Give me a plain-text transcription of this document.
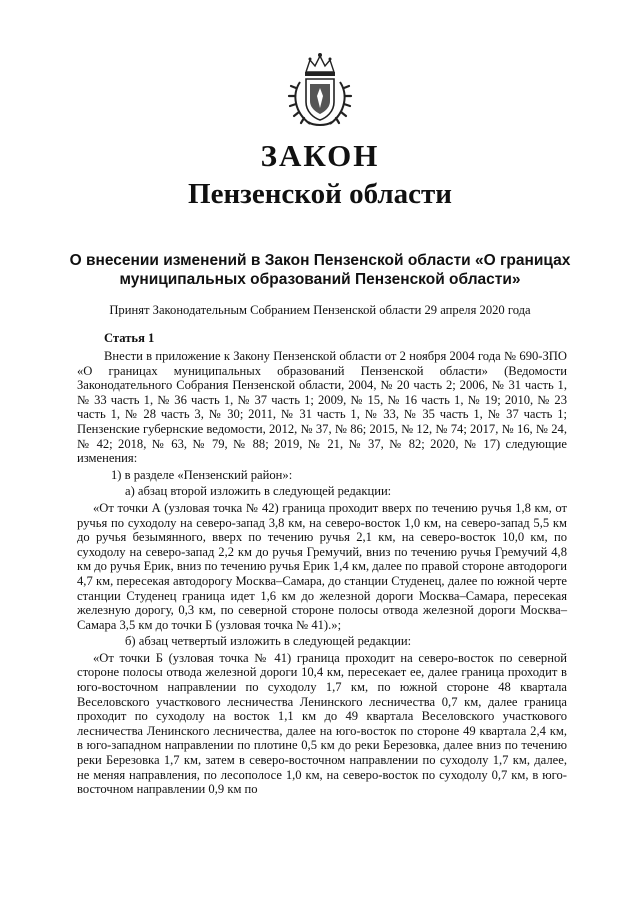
ЗАКОН
Пензенской области
О внесении изменений в Закон Пензенской области «О границах муниципальных образований Пензенской области»
Принят Законодательным Собранием Пензенской области 29 апреля 2020 года
Статья 1

Внести в приложение к Закону Пензенской области от 2 ноября 2004 года № 690-ЗПО «О границах муниципальных образований Пензенской области» (Ведомости Законодательного Собрания Пензенской области, 2004, № 20 часть 2; 2006, № 31 часть 1, № 33 часть 1, № 36 часть 1, № 37 часть 1; 2009, № 15, № 16 часть 1, № 19; 2010, № 23 часть 1, № 28 часть 3, № 30; 2011, № 31 часть 1, № 33, № 35 часть 1, № 37 часть 1; Пензенские губернские ведомости, 2012, № 37, № 86; 2015, № 12, № 74; 2017, № 16, № 24, № 42; 2018, № 63, № 79, № 88; 2019, № 21, № 37, № 82; 2020, № 17) следующие изменения:

1) в разделе «Пензенский район»:

а) абзац второй изложить в следующей редакции:

«От точки А (узловая точка № 42) граница проходит вверх по течению ручья 1,8 км, от ручья по суходолу на северо-запад 3,8 км, на северо-восток 1,0 км, на северо-запад 5,5 км до ручья безымянного, вверх по течению ручья 2,1 км, на северо-восток 10,0 км, по суходолу на северо-запад 2,2 км до ручья Гремучий, вниз по течению ручья Гремучий 4,8 км до ручья Ерик, вниз по течению ручья Ерик 1,4 км, далее по правой стороне автодороги 4,7 км, пересекая автодорогу Москва–Самара, до станции Студенец, далее по южной черте станции Студенец граница идет 1,6 км до железной дороги Москва–Самара, пересекая железную дорогу, 0,3 км, по северной стороне полосы отвода железной дороги Москва–Самара 3,5 км до точки Б (узловая точка № 41).»;

б) абзац четвертый изложить в следующей редакции:

«От точки Б (узловая точка № 41) граница проходит на северо-восток по северной стороне полосы отвода железной дороги 10,4 км, пересекает ее, далее граница проходит в юго-восточном направлении по суходолу 1,7 км, по южной стороне 48 квартала Веселовского участкового лесничества Ленинского лесничества 0,7 км, далее граница проходит по суходолу на восток 1,1 км до 49 квартала Веселовского участкового лесничества Ленинского лесничества, далее на юго-восток по стороне 49 квартала 2,4 км, в юго-западном направлении по плотине 0,5 км до реки Березовка, далее вниз по течению реки Березовка 1,7 км, затем в северо-восточном направлении по суходолу 1,7 км, далее, не меняя направления, по лесополосе 1,0 км, на северо-восток по суходолу 0,7 км, в юго-восточном направлении 0,9 км по
